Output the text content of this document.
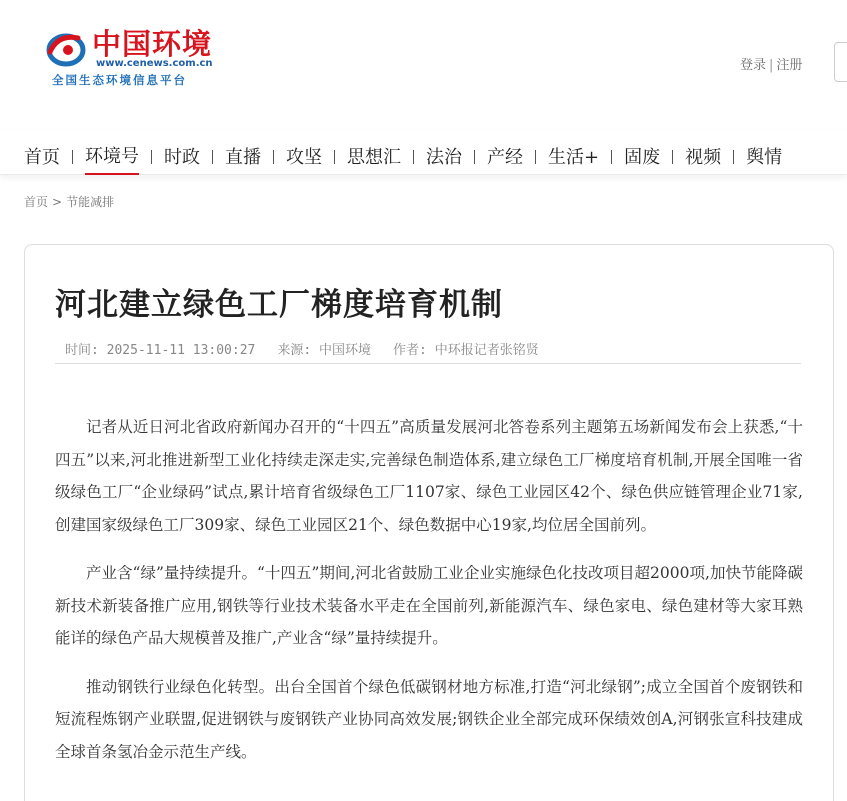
中国环境
www.cenews.com.cn
全国生态环境信息平台
登录 | 注册
首页 环境号 时政 直播 攻坚 思想汇 法治 产经 生活+ 固废 视频 舆情
首页 > 节能减排
河北建立绿色工厂梯度培育机制
时间: 2025-11-11 13:00:27 来源: 中国环境 作者: 中环报记者张铭贤

记者从近日河北省政府新闻办召开的“十四五”高质量发展河北答卷系列主题第五场新闻发布会上获悉,“十四五”以来,河北推进新型工业化持续走深走实,完善绿色制造体系,建立绿色工厂梯度培育机制,开展全国唯一省级绿色工厂“企业绿码”试点,累计培育省级绿色工厂1107家、绿色工业园区42个、绿色供应链管理企业71家,创建国家级绿色工厂309家、绿色工业园区21个、绿色数据中心19家,均位居全国前列。

产业含“绿”量持续提升。“十四五”期间,河北省鼓励工业企业实施绿色化技改项目超2000项,加快节能降碳新技术新装备推广应用,钢铁等行业技术装备水平走在全国前列,新能源汽车、绿色家电、绿色建材等大家耳熟能详的绿色产品大规模普及推广,产业含“绿”量持续提升。

推动钢铁行业绿色化转型。出台全国首个绿色低碳钢材地方标准,打造“河北绿钢”;成立全国首个废钢铁和短流程炼钢产业联盟,促进钢铁与废钢铁产业协同高效发展;钢铁企业全部完成环保绩效创A,河钢张宣科技建成全球首条氢冶金示范生产线。
